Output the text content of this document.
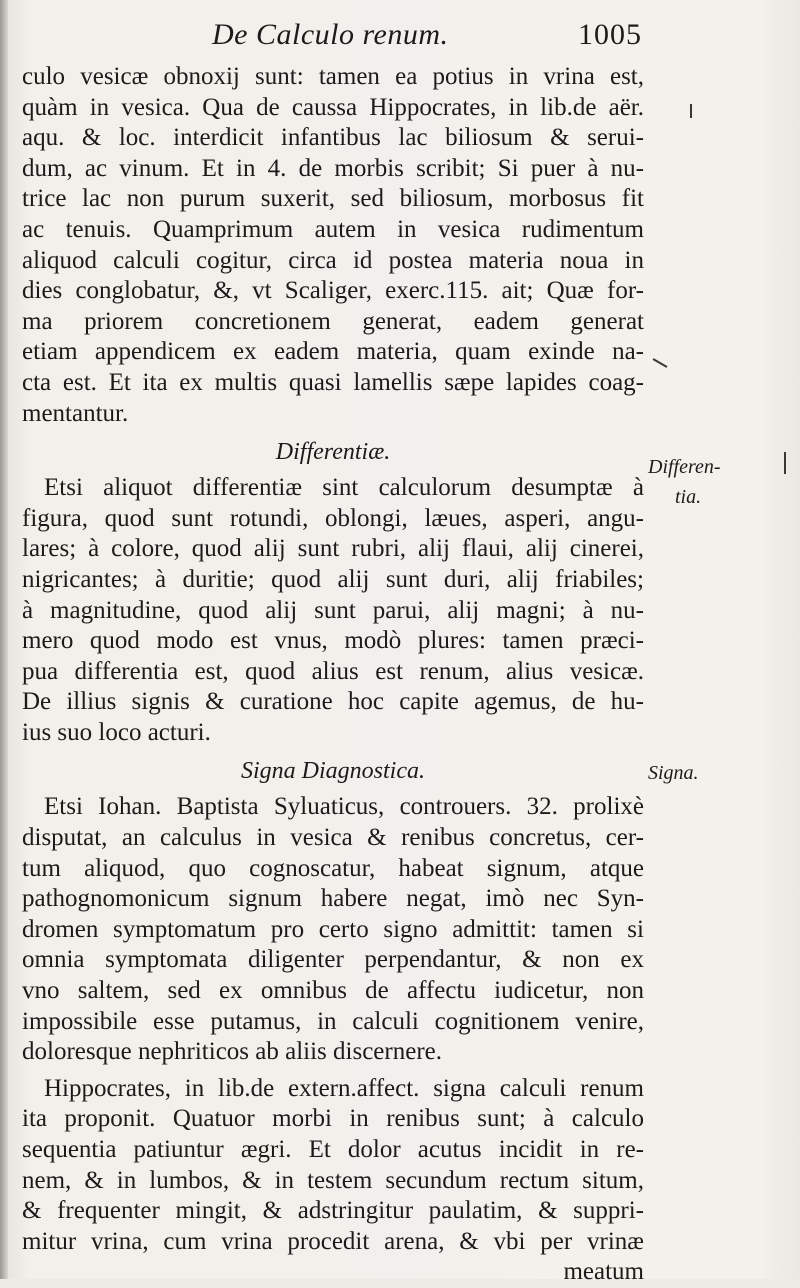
De Calculo renum.	1005
culo vesicæ obnoxij sunt: tamen ea potius in vrina est,
quàm in vesica. Qua de caussa Hippocrates, in lib.de aër.
aqu. & loc. interdicit infantibus lac biliosum & serui-
dum, ac vinum. Et in 4. de morbis scribit; Si puer à nu-
trice lac non purum suxerit, sed biliosum, morbosus fit
ac tenuis. Quamprimum autem in vesica rudimentum
aliquod calculi cogitur, circa id postea materia noua in
dies conglobatur, &, vt Scaliger, exerc.115. ait; Quæ for-
ma priorem concretionem generat, eadem generat
etiam appendicem ex eadem materia, quam exinde na-
cta est. Et ita ex multis quasi lamellis sæpe lapides coag-
mentantur.
Differentiæ.
Etsi aliquot differentiæ sint calculorum desumptæ à
figura, quod sunt rotundi, oblongi, læues, asperi, angu-
lares; à colore, quod alij sunt rubri, alij flaui, alij cinerei,
nigricantes; à duritie; quod alij sunt duri, alij friabiles;
à magnitudine, quod alij sunt parui, alij magni; à nu-
mero quod modo est vnus, modò plures: tamen præci-
pua differentia est, quod alius est renum, alius vesicæ.
De illius signis & curatione hoc capite agemus, de hu-
ius suo loco acturi.
Signa Diagnostica.
Etsi Iohan. Baptista Syluaticus, controuers. 32. prolixè
disputat, an calculus in vesica & renibus concretus, cer-
tum aliquod, quo cognoscatur, habeat signum, atque
pathognomonicum signum habere negat, imò nec Syn-
dromen symptomatum pro certo signo admittit: tamen si
omnia symptomata diligenter perpendantur, & non ex
vno saltem, sed ex omnibus de affectu iudicetur, non
impossibile esse putamus, in calculi cognitionem venire,
doloresque nephriticos ab aliis discernere.
Hippocrates, in lib.de extern.affect. signa calculi renum
ita proponit. Quatuor morbi in renibus sunt; à calculo
sequentia patiuntur ægri. Et dolor acutus incidit in re-
nem, & in lumbos, & in testem secundum rectum situm,
& frequenter mingit, & adstringitur paulatim, & suppri-
mitur vrina, cum vrina procedit arena, & vbi per vrinæ
meatum
Differen-
tia.
Signa.
